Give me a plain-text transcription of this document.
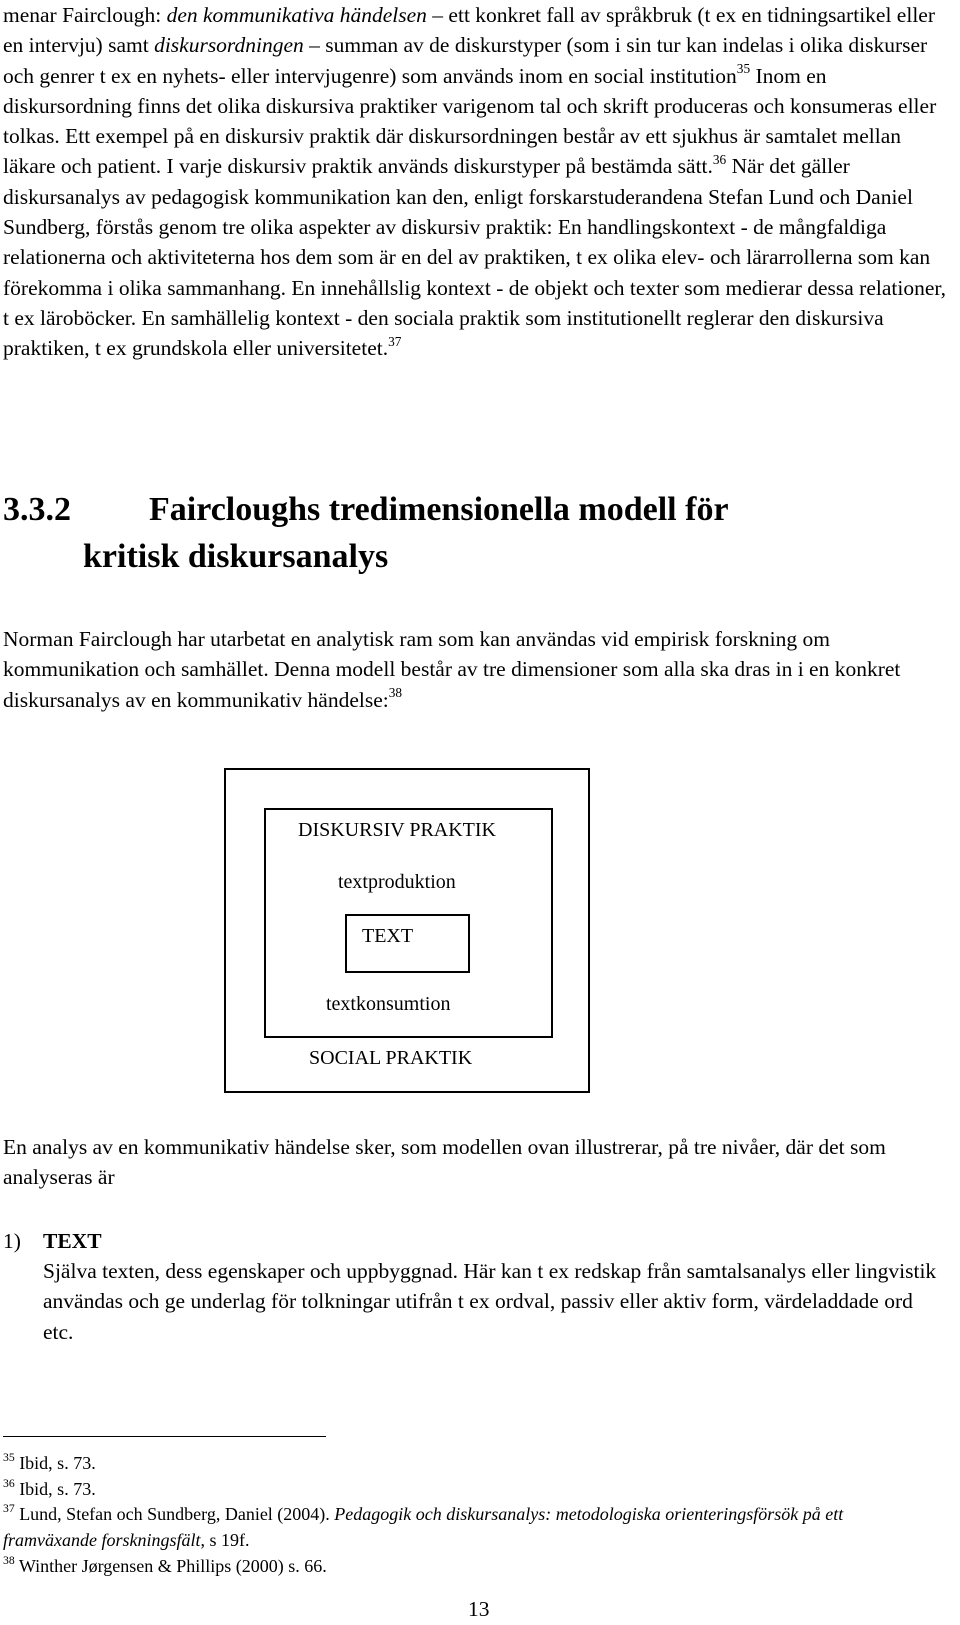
menar Fairclough: den kommunikativa händelsen – ett konkret fall av språkbruk (t ex en tidningsartikel eller en intervju) samt diskursordningen – summan av de diskurstyper (som i sin tur kan indelas i olika diskurser och genrer t ex en nyhets- eller intervjugenre) som används inom en social institution$^{35}$ Inom en diskursordning finns det olika diskursiva praktiker varigenom tal och skrift produceras och konsumeras eller tolkas. Ett exempel på en diskursiv praktik där diskursordningen består av ett sjukhus är samtalet mellan läkare och patient. I varje diskursiv praktik används diskurstyper på bestämda sätt.$^{36}$ När det gäller diskursanalys av pedagogisk kommunikation kan den, enligt forskarstuderandena Stefan Lund och Daniel Sundberg, förstås genom tre olika aspekter av diskursiv praktik: En handlingskontext - de mångfaldiga relationerna och aktiviteterna hos dem som är en del av praktiken, t ex olika elev- och lärarrollerna som kan förekomma i olika sammanhang. En innehållslig kontext - de objekt och texter som medierar dessa relationer, t ex läroböcker. En samhällelig kontext - den sociala praktik som institutionellt reglerar den diskursiva praktiken, t ex grundskola eller universitetet.$^{37}$

3.3.2 Faircloughs tredimensionella modell för
kritisk diskursanalys

Norman Fairclough har utarbetat en analytisk ram som kan användas vid empirisk forskning om kommunikation och samhället. Denna modell består av tre dimensioner som alla ska dras in i en konkret diskursanalys av en kommunikativ händelse:$^{38}$

DISKURSIV PRAKTIK
textproduktion
TEXT
textkonsumtion
SOCIAL PRAKTIK

En analys av en kommunikativ händelse sker, som modellen ovan illustrerar, på tre nivåer, där det som analyseras är

1) TEXT
Själva texten, dess egenskaper och uppbyggnad. Här kan t ex redskap från samtalsanalys eller lingvistik användas och ge underlag för tolkningar utifrån t ex ordval, passiv eller aktiv form, värdeladdade ord etc.
$^{35}$ Ibid, s. 73.
$^{36}$ Ibid, s. 73.
$^{37}$ Lund, Stefan och Sundberg, Daniel (2004). Pedagogik och diskursanalys: metodologiska orienteringsförsök på ett framväxande forskningsfält, s 19f.
$^{38}$ Winther Jørgensen & Phillips (2000) s. 66.
13
